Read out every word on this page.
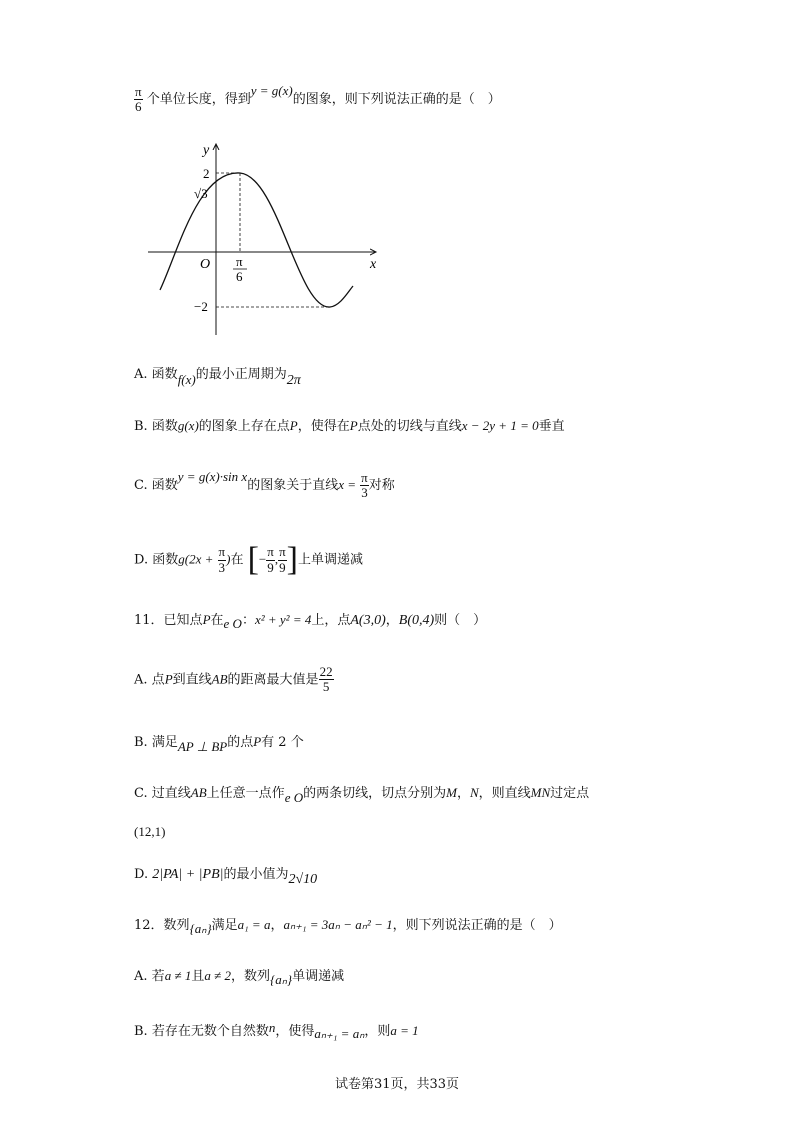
$\frac{\pi}{6}$ 个单位长度，得到y = g(x)的图象，则下列说法正确的是（　）
y
x
O
2
√3
−2
π
6
A. 函数f(x)的最小正周期为2π
B. 函数g(x)的图象上存在点P，使得在P点处的切线与直线x − 2y + 1 = 0垂直
C. 函数y = g(x)·sin x的图象关于直线$x = \frac{\pi}{3}$ 对称
D. 函数$g(2x + \frac{\pi}{3}$ )在 [− $\frac{\pi}{9}$ , $\frac{\pi}{9}$ ]上单调递减
11．已知点P在e O：x² + y² = 4上，点A(3,0)，B(0,4)则（　）
A. 点P到直线AB的距离最大值是 $\frac{22}{5}$
B. 满足AP ⊥ BP的点P有 2 个
C. 过直线AB上任意一点作e O的两条切线，切点分别为M，N，则直线MN过定点
(12,1)
D. 2|PA| + |PB|的最小值为2√10
12．数列{aₙ}满足a₁ = a，aₙ₊₁ = 3aₙ − aₙ² − 1，则下列说法正确的是（　）
A. 若a ≠ 1且a ≠ 2，数列{aₙ}单调递减
B. 若存在无数个自然数n，使得aₙ₊₁ = aₙ，则a = 1
试卷第31页，共33页
